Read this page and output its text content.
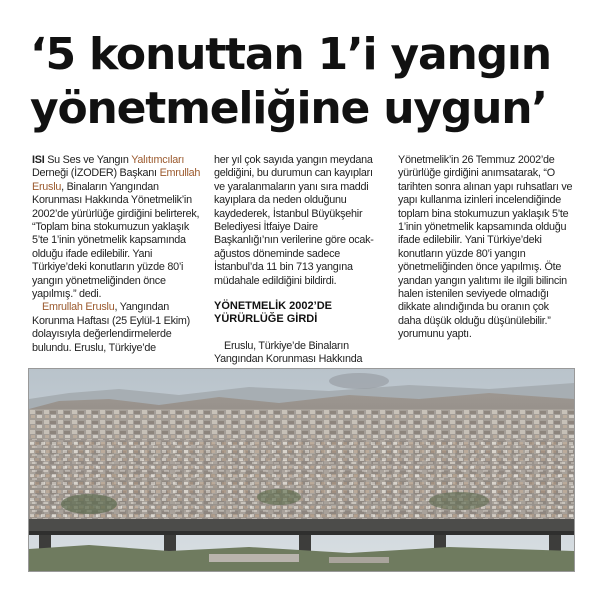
‘5 konuttan 1’i yangın
yönetmeliğine uygun’

ISI Su Ses ve Yangın Yalıtımcıları Derneği (İZODER) Başkanı Emrullah Eruslu, Binaların Yangından Korunması Hakkında Yönetmelik’in 2002’de yürürlüğe girdiğini belirterek, “Toplam bina stokumuzun yaklaşık 5’te 1’inin yönetmelik kapsamında olduğu ifade edilebilir. Yani Türkiye’deki konutların yüzde 80’i yangın yönetmeliğinden önce yapılmış.” dedi.

Emrullah Eruslu, Yangından Korunma Haftası (25 Eylül-1 Ekim) dolayısıyla değerlendirmelerde bulundu. Eruslu, Türkiye’de

her yıl çok sayıda yangın meydana geldiğini, bu durumun can kayıpları ve yaralanmaların yanı sıra maddi kayıplara da neden olduğunu kaydederek, İstanbul Büyükşehir Belediyesi İtfaiye Daire Başkanlığı’nın verilerine göre ocak-ağustos döneminde sadece İstanbul’da 11 bin 713 yangına müdahale edildiğini bildirdi.

YÖNETMELİK 2002’DE YÜRÜRLÜĞE GİRDİ

Eruslu, Türkiye’de Binaların Yangından Korunması Hakkında

Yönetmelik’in 26 Temmuz 2002’de yürürlüğe girdiğini anımsatarak, “O tarihten sonra alınan yapı ruhsatları ve yapı kullanma izinleri incelendiğinde toplam bina stokumuzun yaklaşık 5’te 1’inin yönetmelik kapsamında olduğu ifade edilebilir. Yani Türkiye’deki konutların yüzde 80’i yangın yönetmeliğinden önce yapılmış. Öte yandan yangın yalıtımı ile ilgili bilincin halen istenilen seviyede olmadığı dikkate alındığında bu oranın çok daha düşük olduğu düşünülebilir.” yorumunu yaptı.
